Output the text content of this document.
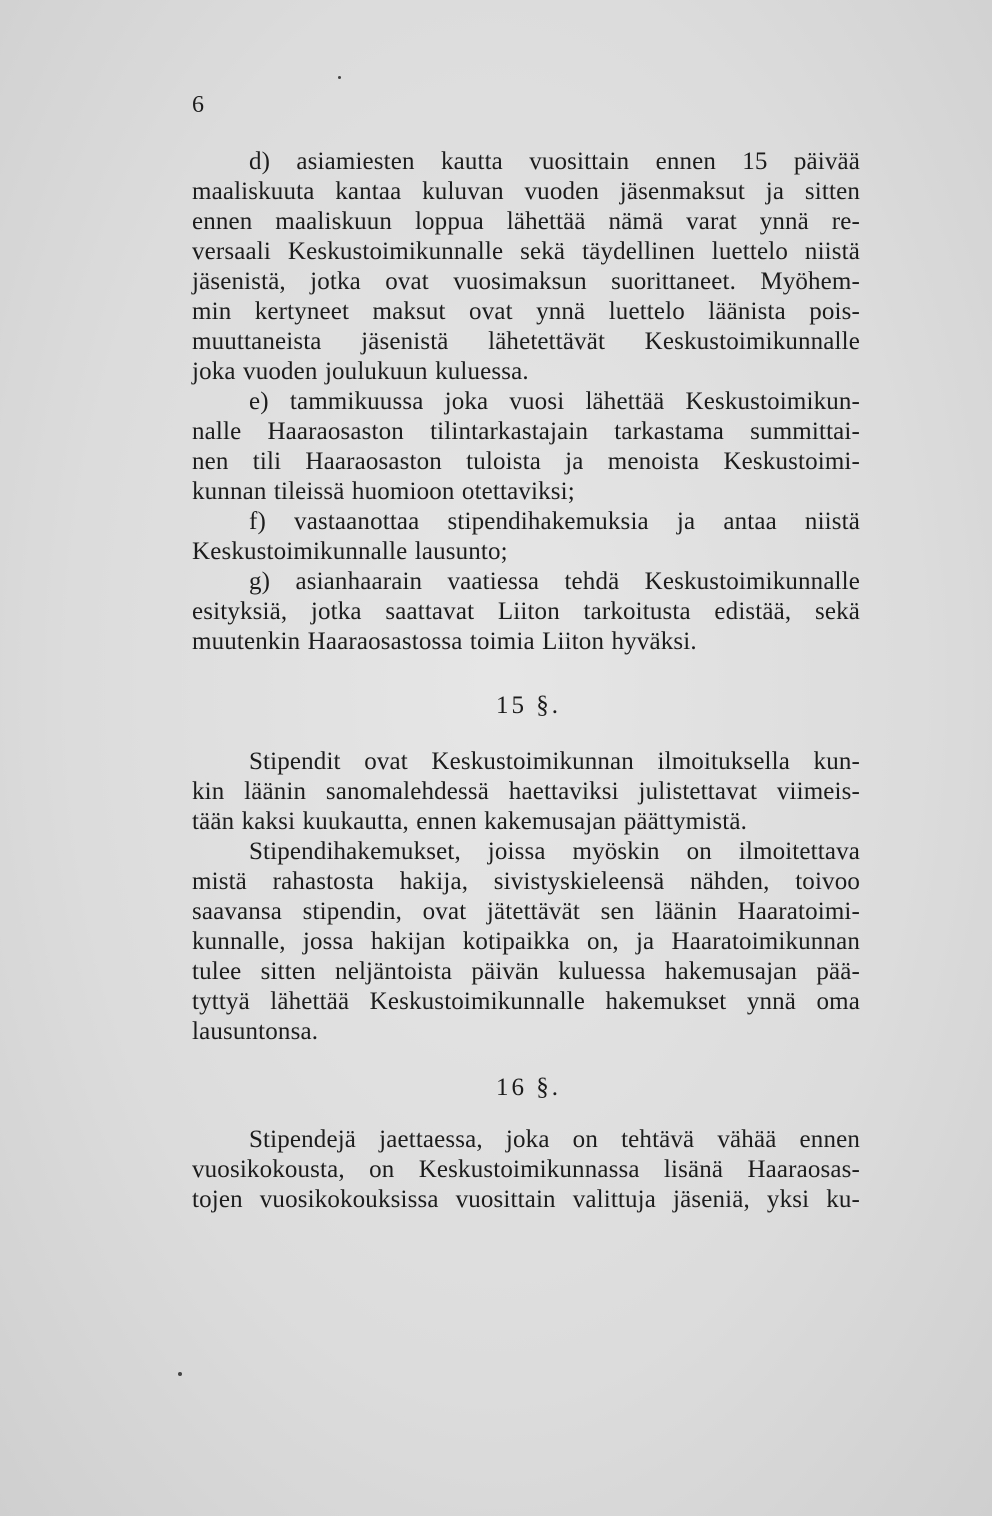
6
d) asiamiesten kautta vuosittain ennen 15 päivää
maaliskuuta kantaa kuluvan vuoden jäsenmaksut ja sitten
ennen maaliskuun loppua lähettää nämä varat ynnä re-
versaali Keskustoimikunnalle sekä täydellinen luettelo niistä
jäsenistä, jotka ovat vuosimaksun suorittaneet. Myöhem-
min kertyneet maksut ovat ynnä luettelo läänista pois-
muuttaneista jäsenistä lähetettävät Keskustoimikunnalle
joka vuoden joulukuun kuluessa.
e) tammikuussa joka vuosi lähettää Keskustoimikun-
nalle Haaraosaston tilintarkastajain tarkastama summittai-
nen tili Haaraosaston tuloista ja menoista Keskustoimi-
kunnan tileissä huomioon otettaviksi;
f) vastaanottaa stipendihakemuksia ja antaa niistä
Keskustoimikunnalle lausunto;
g) asianhaarain vaatiessa tehdä Keskustoimikunnalle
esityksiä, jotka saattavat Liiton tarkoitusta edistää, sekä
muutenkin Haaraosastossa toimia Liiton hyväksi.
15 §.
Stipendit ovat Keskustoimikunnan ilmoituksella kun-
kin läänin sanomalehdessä haettaviksi julistettavat viimeis-
tään kaksi kuukautta, ennen kakemusajan päättymistä.
Stipendihakemukset, joissa myöskin on ilmoitettava
mistä rahastosta hakija, sivistyskieleensä nähden, toivoo
saavansa stipendin, ovat jätettävät sen läänin Haaratoimi-
kunnalle, jossa hakijan kotipaikka on, ja Haaratoimikunnan
tulee sitten neljäntoista päivän kuluessa hakemusajan pää-
tyttyä lähettää Keskustoimikunnalle hakemukset ynnä oma
lausuntonsa.
16 §.
Stipendejä jaettaessa, joka on tehtävä vähää ennen
vuosikokousta, on Keskustoimikunnassa lisänä Haaraosas-
tojen vuosikokouksissa vuosittain valittuja jäseniä, yksi ku-
